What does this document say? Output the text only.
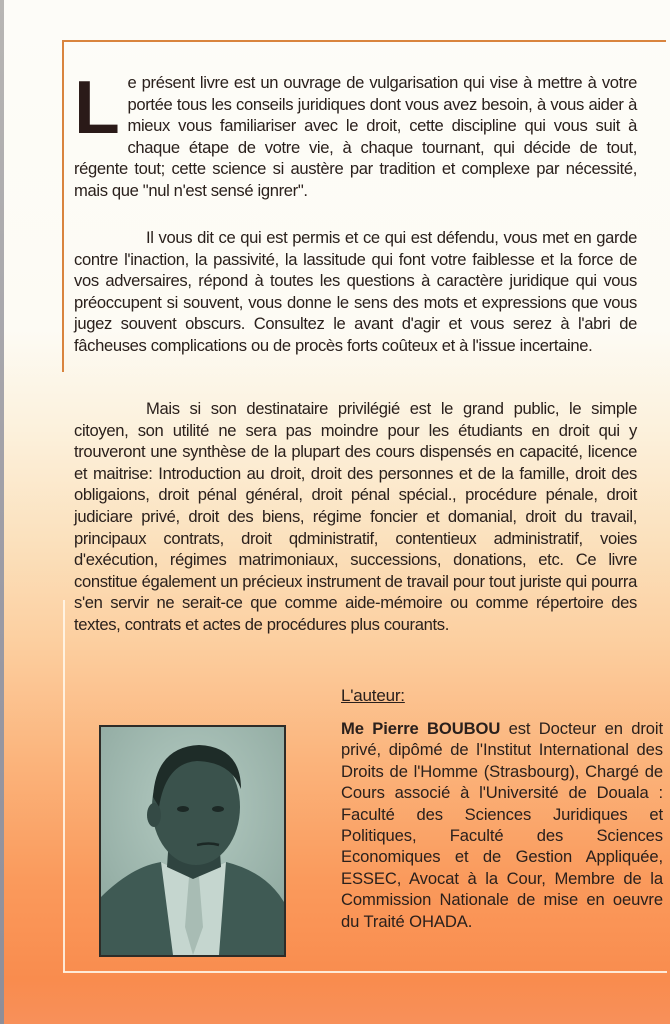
Le présent livre est un ouvrage de vulgarisation qui vise à mettre à votre portée tous les conseils juridiques dont vous avez besoin, à vous aider à mieux vous familiariser avec le droit, cette discipline qui vous suit à chaque étape de votre vie, à chaque tournant, qui décide de tout, régente tout; cette science si austère par tradition et complexe par nécessité, mais que "nul n'est sensé ignrer".
Il vous dit ce qui est permis et ce qui est défendu, vous met en garde contre l'inaction, la passivité, la lassitude qui font votre faiblesse et la force de vos adversaires, répond à toutes les questions à caractère juridique qui vous préoccupent si souvent, vous donne le sens des mots et expressions que vous jugez souvent obscurs. Consultez le avant d'agir et vous serez à l'abri de fâcheuses complications ou de procès forts coûteux et à l'issue incertaine.
Mais si son destinataire privilégié est le grand public, le simple citoyen, son utilité ne sera pas moindre pour les étudiants en droit qui y trouveront une synthèse de la plupart des cours dispensés en capacité, licence et maitrise: Introduction au droit, droit des personnes et de la famille, droit des obligaions, droit pénal général, droit pénal spécial., procédure pénale, droit judiciare privé, droit des biens, régime foncier et domanial, droit du travail, principaux contrats, droit qdministratif, contentieux administratif, voies d'exécution, régimes matrimoniaux, successions, donations, etc. Ce livre constitue également un précieux instrument de travail pour tout juriste qui pourra s'en servir ne serait-ce que comme aide-mémoire ou comme répertoire des textes, contrats et actes de procédures plus courants.
L'auteur:
Me Pierre BOUBOU est Docteur en droit privé, dipômé de l'Institut International des Droits de l'Homme (Strasbourg), Chargé de Cours associé à l'Université de Douala : Faculté des Sciences Juridiques et Politiques, Faculté des Sciences Economiques et de Gestion Appliquée, ESSEC, Avocat à la Cour, Membre de la Commission Nationale de mise en oeuvre du Traité OHADA.
